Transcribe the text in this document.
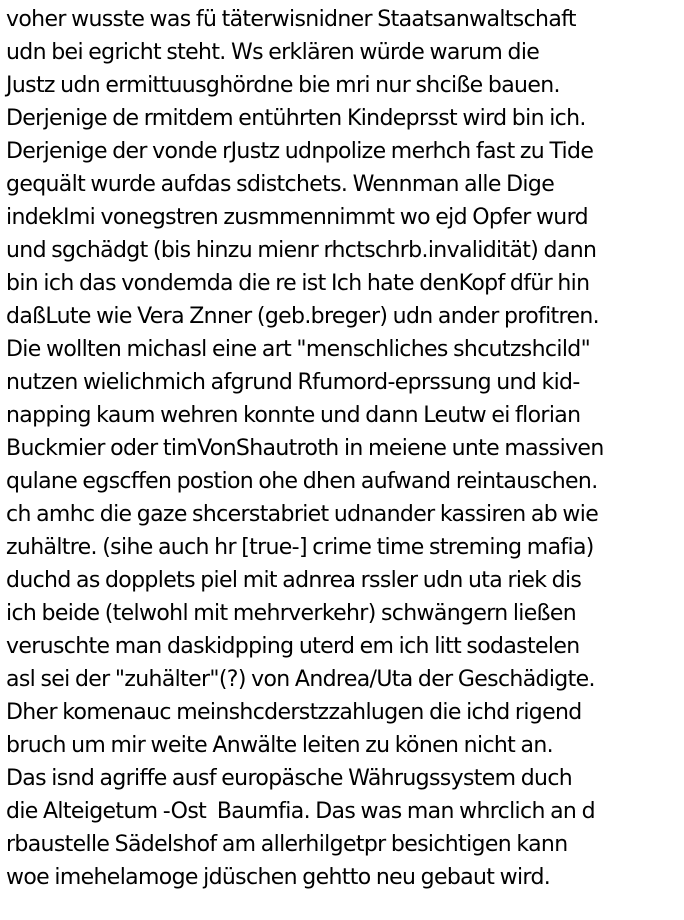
voher wusste was fü täterwisnidner Staatsanwaltschaft
udn bei egricht steht. Ws erklären würde warum die
Justz udn ermittuusghördne bie mri nur shciße bauen.
Derjenige de rmitdem entührten Kindeprsst wird bin ich.
Derjenige der vonde rJustz udnpolize merhch fast zu Tide
gequält wurde aufdas sdistchets. Wennman alle Dige
indekImi vonegstren zusmmennimmt wo ejd Opfer wurd
und sgchädgt (bis hinzu mienr rhctschrb.invalidität) dann
bin ich das vondemda die re ist Ich hate denKopf dfür hin
daßLute wie Vera Znner (geb.breger) udn ander profitren.
Die wollten michasl eine art "menschliches shcutzshcild"
nutzen wielichmich afgrund Rfumord-eprssung und kid-
napping kaum wehren konnte und dann Leutw ei florian
Buckmier oder timVonShautroth in meiene unte massiven
qulane egscffen postion ohe dhen aufwand reintauschen.
ch amhc die gaze shcerstabriet udnander kassiren ab wie
zuhältre. (sihe auch hr [true-] crime time streming mafia)
duchd as dopplets piel mit adnrea rssler udn uta riek dis
ich beide (telwohl mit mehrverkehr) schwängern ließen
veruschte man daskidpping uterd em ich litt sodastelen
asl sei der "zuhälter"(?) von Andrea/Uta der Geschädigte.
Dher komenauc meinshcderstzzahlugen die ichd rigend
bruch um mir weite Anwälte leiten zu könen nicht an.
Das isnd agriffe ausf europäsche Währugssystem duch
die Alteigetum -Ost  Baumfia. Das was man whrclich an d
rbaustelle Sädelshof am allerhilgetpr besichtigen kann
woe imehelamoge jdüschen gehtto neu gebaut wird.
